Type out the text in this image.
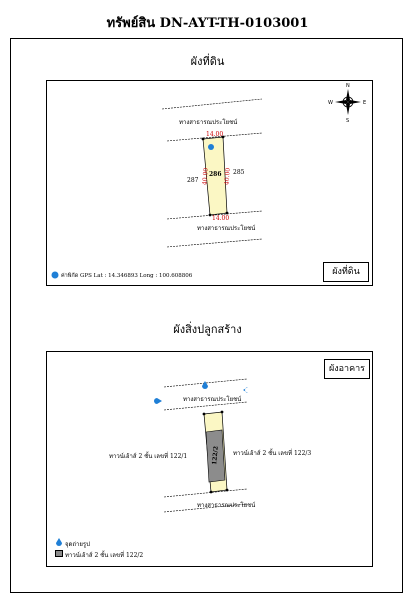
ทรัพย์สิน DN-AYT-TH-0103001
ผังที่ดิน
N
S
E
W
ทางสาธารณประโยชน์
ทางสาธารณประโยชน์
286
287
285
14.00
14.00
40.00 40.00
ค่าพิกัด GPS Lat : 14.346893 Long : 100.608806	ผังที่ดิน
ผังสิ่งปลูกสร้าง
ผังอาคาร
ทางสาธารณประโยชน์
ทางสาธารณประโยชน์
122/2
ทาวน์เฮ้าส์ 2 ชั้น เลขที่ 122/1	ทาวน์เฮ้าส์ 2 ชั้น เลขที่ 122/3
จุดถ่ายรูป
ทาวน์เฮ้าส์ 2 ชั้น เลขที่ 122/2
